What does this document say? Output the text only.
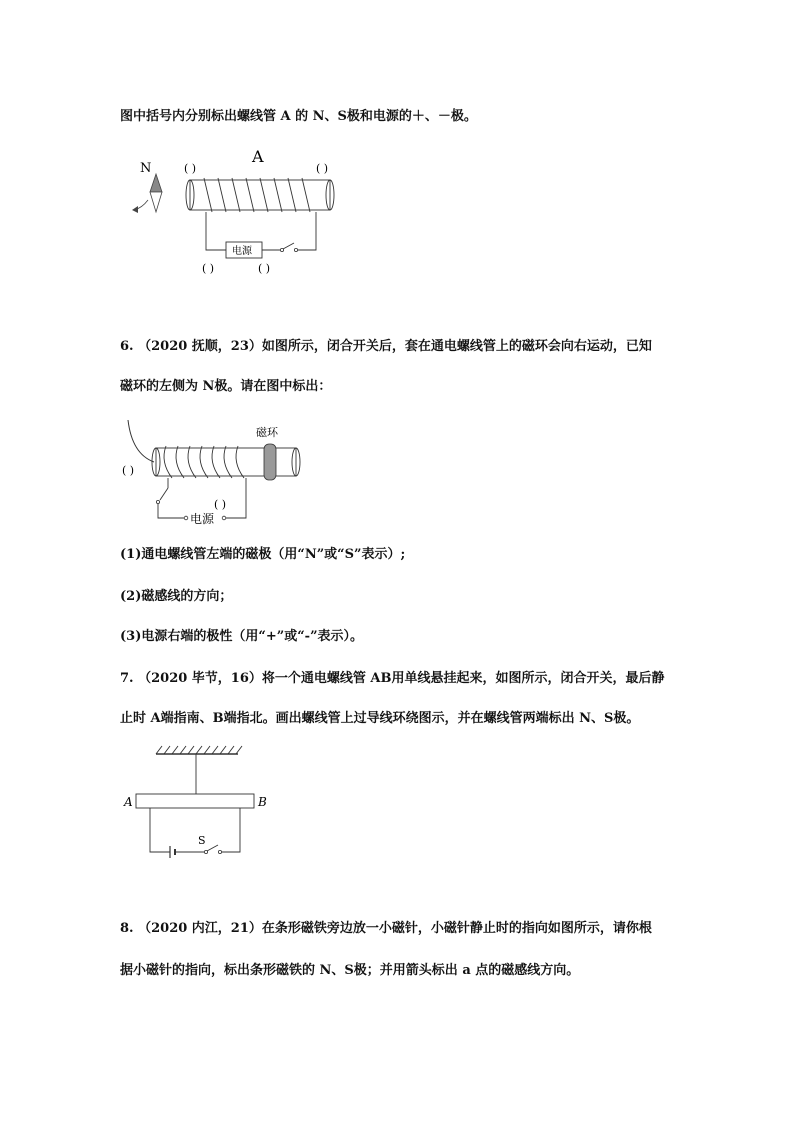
图中括号内分别标出螺线管 A 的 N、S极和电源的＋、－极。
N
A
( )	( )
电源
( )	( )
6. （2020 抚顺，23）如图所示，闭合开关后，套在通电螺线管上的磁环会向右运动，已知
磁环的左侧为 N极。请在图中标出：
( )
磁环
电源
( )
(1)通电螺线管左端的磁极（用“N”或“S”表示）;
(2)磁感线的方向；
(3)电源右端的极性（用“+”或“-”表示）。
7. （2020 毕节，16）将一个通电螺线管 AB用单线悬挂起来，如图所示，闭合开关，最后静
止时 A端指南、B端指北。画出螺线管上过导线环绕图示，并在螺线管两端标出 N、S极。
A	B
S
8. （2020 内江，21）在条形磁铁旁边放一小磁针，小磁针静止时的指向如图所示，请你根
据小磁针的指向，标出条形磁铁的 N、S极；并用箭头标出 a 点的磁感线方向。
